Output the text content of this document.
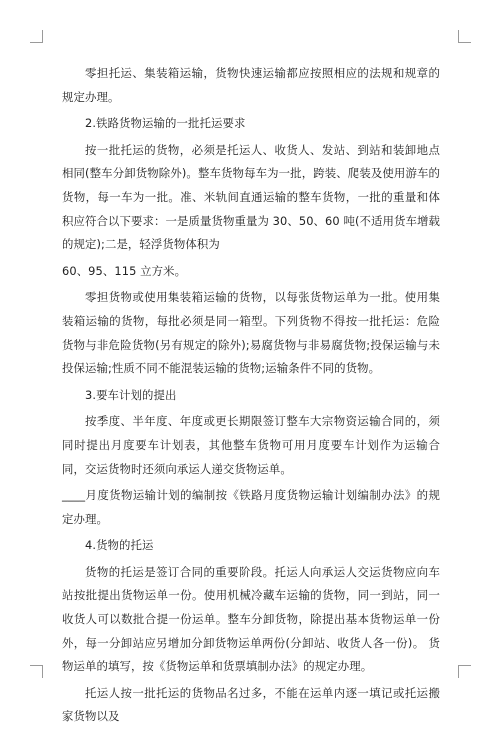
零担托运、集装箱运输，货物快速运输都应按照相应的法规和规章的规定办理。

2.铁路货物运输的一批托运要求

按一批托运的货物，必须是托运人、收货人、发站、到站和装卸地点相同(整车分卸货物除外)。整车货物每车为一批，跨装、爬装及使用游车的货物，每一车为一批。准、米轨间直通运输的整车货物，一批的重量和体积应符合以下要求：一是质量货物重量为 30、50、60 吨(不适用货车增载的规定);二是，轻浮货物体积为

60、95、115 立方米。

零担货物或使用集装箱运输的货物，以每张货物运单为一批。使用集装箱运输的货物，每批必须是同一箱型。下列货物不得按一批托运：危险货物与非危险货物(另有规定的除外);易腐货物与非易腐货物;投保运输与未投保运输;性质不同不能混装运输的货物;运输条件不同的货物。

3.要车计划的提出

按季度、半年度、年度或更长期限签订整车大宗物资运输合同的，须同时提出月度要车计划表，其他整车货物可用月度要车计划作为运输合同，交运货物时还须向承运人递交货物运单。

____月度货物运输计划的编制按《铁路月度货物运输计划编制办法》的规定办理。

4.货物的托运

货物的托运是签订合同的重要阶段。托运人向承运人交运货物应向车站按批提出货物运单一份。使用机械冷藏车运输的货物，同一到站，同一收货人可以数批合提一份运单。整车分卸货物，除提出基本货物运单一份外，每一分卸站应另增加分卸货物运单两份(分卸站、收货人各一份)。 货物运单的填写，按《货物运单和货票填制办法》的规定办理。

托运人按一批托运的货物品名过多，不能在运单内逐一填记或托运搬家货物以及
